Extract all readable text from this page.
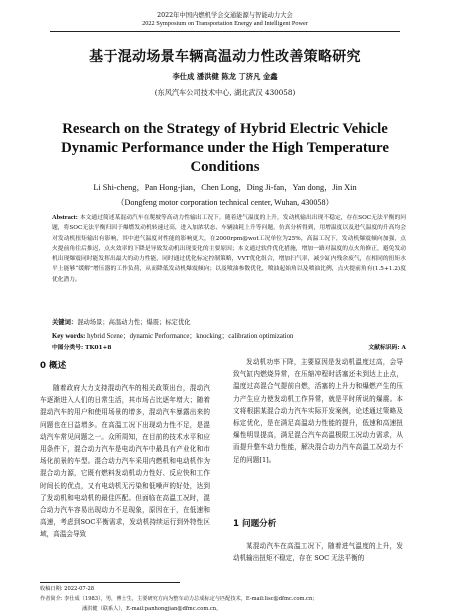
2022年中国内燃机学会交通能源与智能动力大会
2022 Symposium on Transportation Energy and Intelligent Power
基于混动场景车辆高温动力性改善策略研究
李仕成 潘洪健 陈龙 丁济凡 金鑫
(东风汽车公司技术中心, 湖北武汉 430058)
Research on the Strategy of Hybrid Electric Vehicle Dynamic Performance under the High Temperature Conditions
Li Shi-cheng，Pan Hong-jian，Chen Long，Ding Ji-fan，Yan dong，Jin Xin
（Dongfeng motor corporation technical center, Wuhan, 430058）
Abstract: 本文通过简述某混动汽车在爬坡等高动力性输出工况下，随着进气温度的上升，发动机输出出现不稳定，存在SOC无法平衡的问题，将SOC无法平衡归因于爆燃发动机转速过高，进入加浓状态、车辆油耗上升等问题，仿真分析得到，用增温度以及进气温度的升高均会对发动机扭矩输出有影响，其中进气温度对性能的影响更大，在2000rpm@wot工况单位为25%，高温工况下，发动机爆震倾向加强，点火提前角往后推迟，点火效率的下降是导致发动机出现变化的主要原因；本文通过软件优化措施，增加一路对温度的点火角修正，避免发动机出现爆震同时能发挥出最大的动力性能，同时通过优化标定控制策略，VVT优化组合，增加扫气率，减少缸内残余废气，在相同的扭矩水平上能够“缓解”增压器的工作负荷，从而降低发动机爆震倾向；以及喷油参数优化，喷油起始角以及喷油比例，点火提前角有(1.5+1.2)度优化潜力。
关键词：混动场景；高温动力性；爆震；标定优化
Key words: hybrid Scene；dynamic Performance；knocking；calibration optimization
中图分类号: TK01+8	文献标识码: A
0 概述
随着政府大力支持混动汽车的相关政策出台，混动汽车逐渐进入人们的日常生活，其市场占比逐年增大；随着混动汽车的用户和使用场景的增多，混动汽车暴露出来的问题也在日益增多。在高温工况下出现动力性不足，是混动汽车常见问题之一。众所周知，在目前的技术水平和应用条件下，混合动力汽车是电动汽车中最具有产业化和市场化前景的车型。混合动力汽车采用内燃机和电动机作为混合动力源，它既有燃料发动机动力性好、反应快和工作时间长的优点，又有电动机无污染和低噪声的好处，达到了发动机和电动机的最佳匹配。但面临在高温工况时，混合动力汽车容易出现动力不足现象，原因在于，在低速和高速，考虑到SOC平衡需求，发动机持续运行到外特性区域，高温会导致
发动机功率下降，主要原因是发动机温度过高，会导致气缸内燃烧异常，在压缩冲程时活塞还未到达上止点，温度过高混合气提前自燃，活塞的上升力和爆燃产生的压力产生应力使发动机工作异常，就是平时所说的爆震。本文将根据某混合动力汽车实际开发案例，论述通过策略及标定优化，是在满足高温动力性能的提升，低速和高速扭爆性明显提高，满足混合汽车高温极限工况动力需求，从而提升整车动力性能，解决混合动力汽车高温工况动力不足的问题[1]。
1 问题分析
某混动汽车在高温工况下，随着进气温度的上升，发动机输出扭矩不稳定，存在 SOC 无法平衡的
收稿日期: 2022-07-28
作者简介: 李仕成（1983），男，博士生，主要研究方向为整车动力总成标定与匹配技术，E-mail:lisc@dfmc.com.cn；
潘洪健（联系人），E-mail:panhongjian@dfmc.com.cn。
